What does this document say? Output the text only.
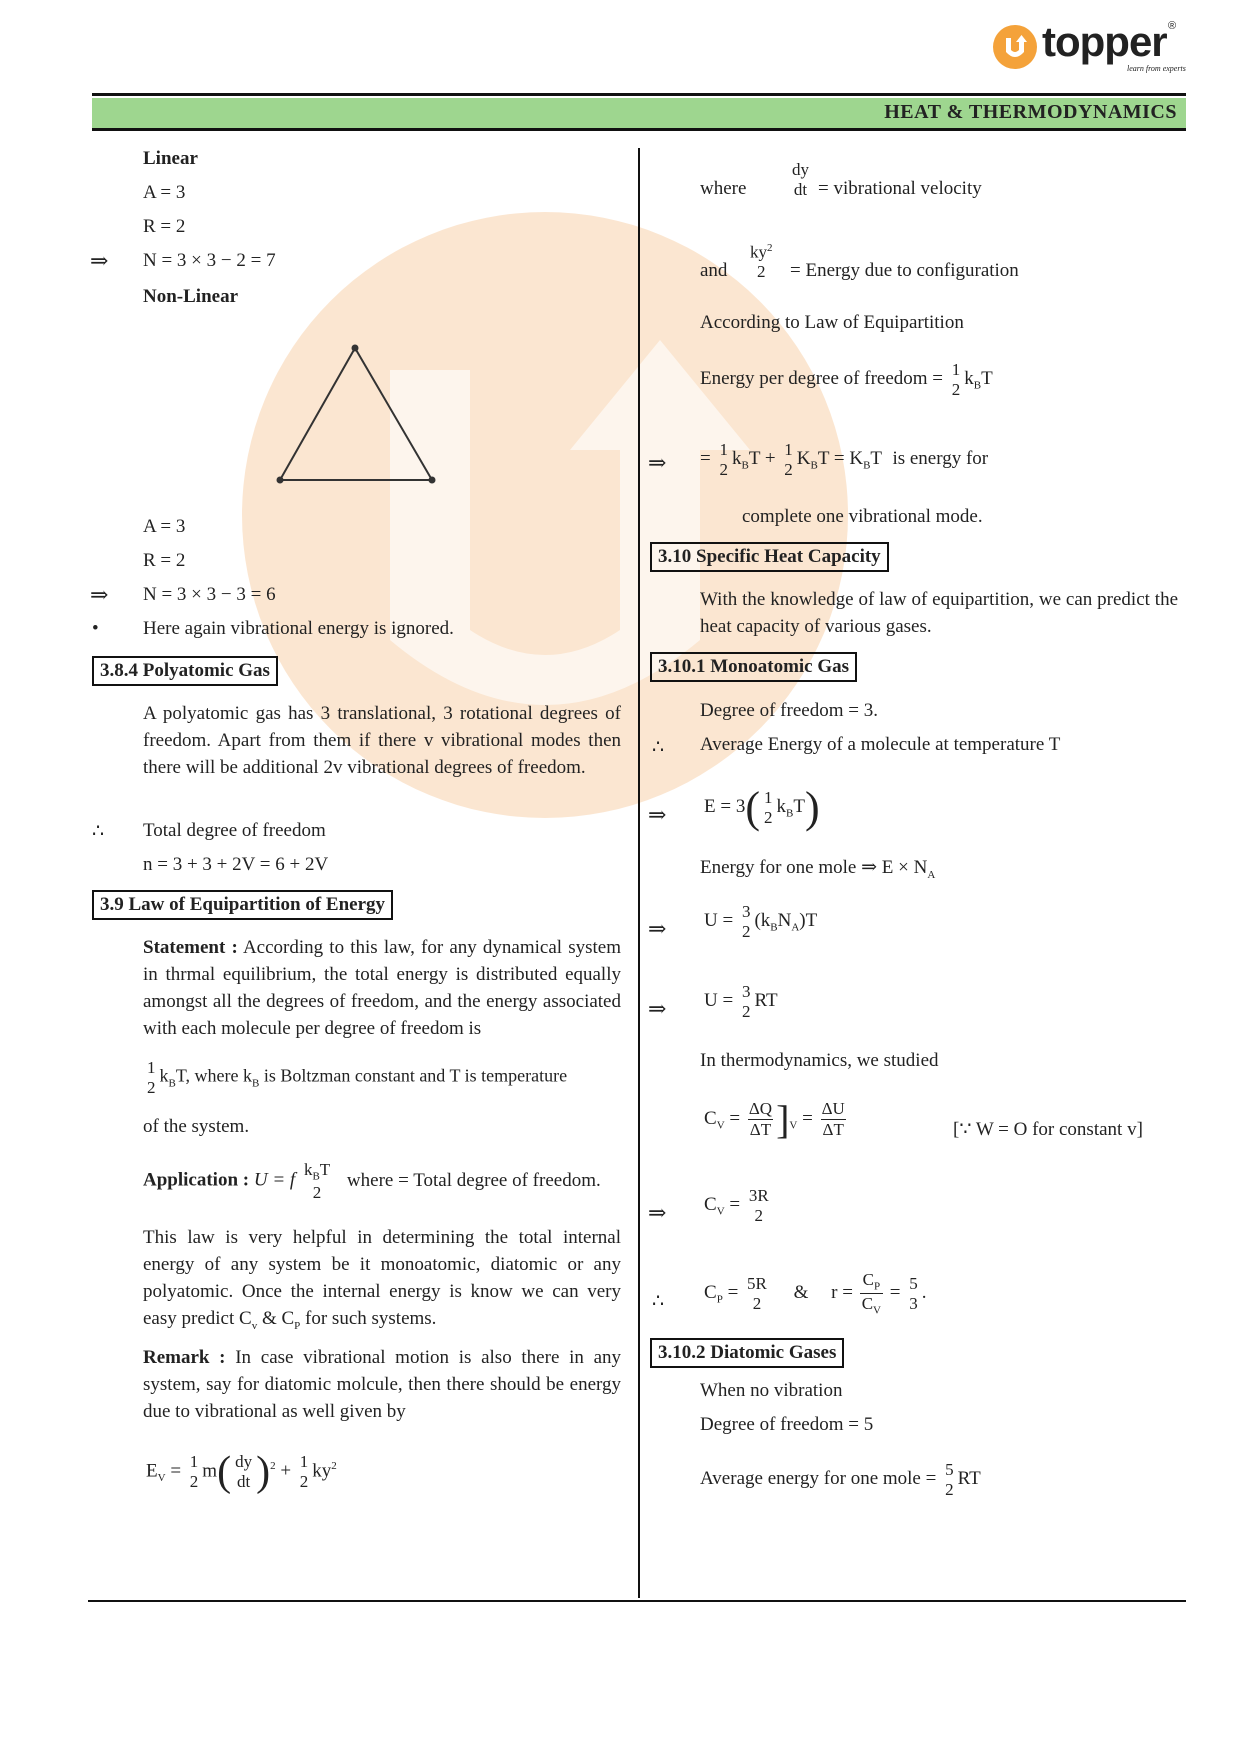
topper ®
learn from experts
HEAT & THERMODYNAMICS
Linear
A = 3
R = 2
⇒ N = 3 × 3 − 2 = 7
Non-Linear
A = 3
R = 2
⇒ N = 3 × 3 − 3 = 6
• Here again vibrational energy is ignored.
3.8.4 Polyatomic Gas
A polyatomic gas has 3 translational, 3 rotational degrees of freedom. Apart from them if there v vibrational modes then there will be additional 2v vibrational degrees of freedom.
∴ Total degree of freedom
n = 3 + 3 + 2V = 6 + 2V
3.9 Law of Equipartition of Energy
Statement : According to this law, for any dynamical system in thrmal equilibrium, the total energy is distributed equally amongst all the degrees of freedom, and the energy associated with each molecule per degree of freedom is
1
2
$k_BT$, where $k_B$ is Boltzman constant and T is temperature
of the system.
Application : U = f
$k_BT$
2
where = Total degree of freedom.
This law is very helpful in determining the total internal energy of any system be it monoatomic, diatomic or any polyatomic. Once the internal energy is know we can very easy predict $C_v$ & $C_P$ for such systems.
Remark : In case vibrational motion is also there in any system, say for diatomic molcule, then there should be energy due to vibrational as well given by
$E_V = 1$
2
m( dy
dt )$^2$ + 1
2
$ky^2$
where
dy
dt = vibrational velocity
and
$ky^2$
2 = Energy due to configuration
According to Law of Equipartition
Energy per degree of freedom = 1
2
$k_BT$
⇒ = 1
2
$k_BT + 1$
2
$K_BT = K_BT$ is energy for
complete one vibrational mode.
3.10 Specific Heat Capacity
With the knowledge of law of equipartition, we can predict the heat capacity of various gases.
3.10.1 Monoatomic Gas
Degree of freedom = 3.
∴ Average Energy of a molecule at temperature T
⇒ E = 3( 1
2
$k_BT$)
Energy for one mole ⇒ $E \times N_A$
⇒ U = 3
2
$(k_BN_A)T$
⇒ U = 3
2
RT
In thermodynamics, we studied
$C_V = \frac{\Delta Q}{\Delta T} ]_V = \frac{\Delta U}{\Delta T}$	[∵ W = O for constant v]
⇒ $C_V = 3R$
2
∴ $C_P = 5R$
2
& $r = \frac{C_P}{C_V} = 5$
3
.
3.10.2 Diatomic Gases
When no vibration
Degree of freedom = 5
Average energy for one mole = 5
2
RT
